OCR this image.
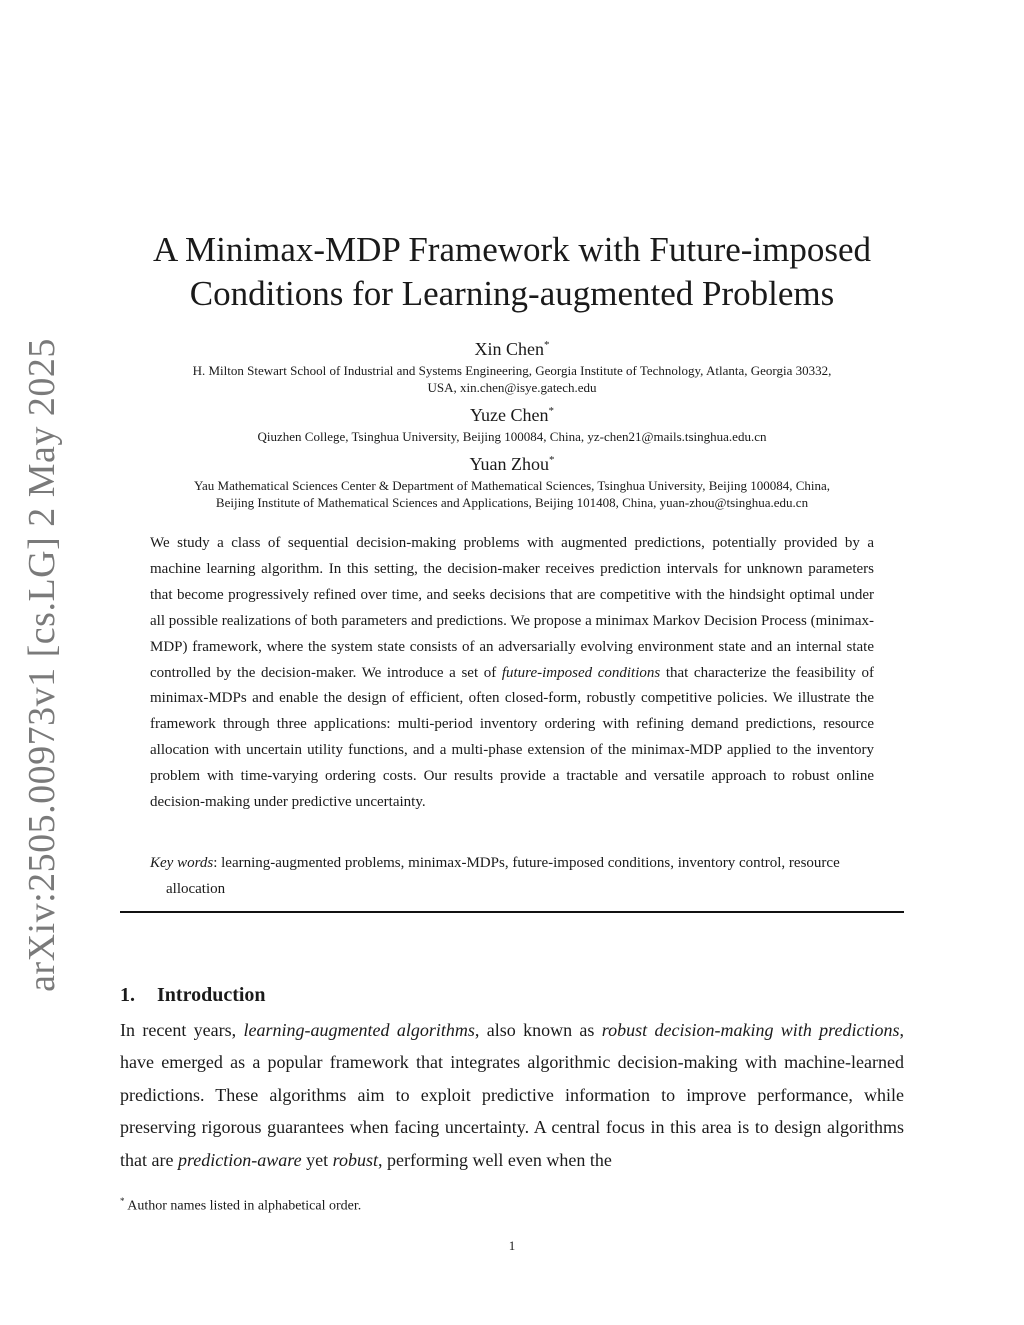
arXiv:2505.00973v1 [cs.LG] 2 May 2025
A Minimax-MDP Framework with Future-imposed
Conditions for Learning-augmented Problems
Xin Chen*
H. Milton Stewart School of Industrial and Systems Engineering, Georgia Institute of Technology, Atlanta, Georgia 30332,
USA, xin.chen@isye.gatech.edu
Yuze Chen*
Qiuzhen College, Tsinghua University, Beijing 100084, China, yz-chen21@mails.tsinghua.edu.cn
Yuan Zhou*
Yau Mathematical Sciences Center & Department of Mathematical Sciences, Tsinghua University, Beijing 100084, China,
Beijing Institute of Mathematical Sciences and Applications, Beijing 101408, China, yuan-zhou@tsinghua.edu.cn

We study a class of sequential decision-making problems with augmented predictions, potentially provided by a machine learning algorithm. In this setting, the decision-maker receives prediction intervals for unknown parameters that become progressively refined over time, and seeks decisions that are competitive with the hindsight optimal under all possible realizations of both parameters and predictions. We propose a minimax Markov Decision Process (minimax-MDP) framework, where the system state consists of an adversarially evolving environment state and an internal state controlled by the decision-maker. We introduce a set of future-imposed conditions that characterize the feasibility of minimax-MDPs and enable the design of efficient, often closed-form, robustly competitive policies. We illustrate the framework through three applications: multi-period inventory ordering with refining demand predictions, resource allocation with uncertain utility functions, and a multi-phase extension of the minimax-MDP applied to the inventory problem with time-varying ordering costs. Our results provide a tractable and versatile approach to robust online decision-making under predictive uncertainty.

Key words: learning-augmented problems, minimax-MDPs, future-imposed conditions, inventory control, resource allocation

1. Introduction

In recent years, learning-augmented algorithms, also known as robust decision-making with predictions, have emerged as a popular framework that integrates algorithmic decision-making with machine-learned predictions. These algorithms aim to exploit predictive information to improve performance, while preserving rigorous guarantees when facing uncertainty. A central focus in this area is to design algorithms that are prediction-aware yet robust, performing well even when the

* Author names listed in alphabetical order.

1
